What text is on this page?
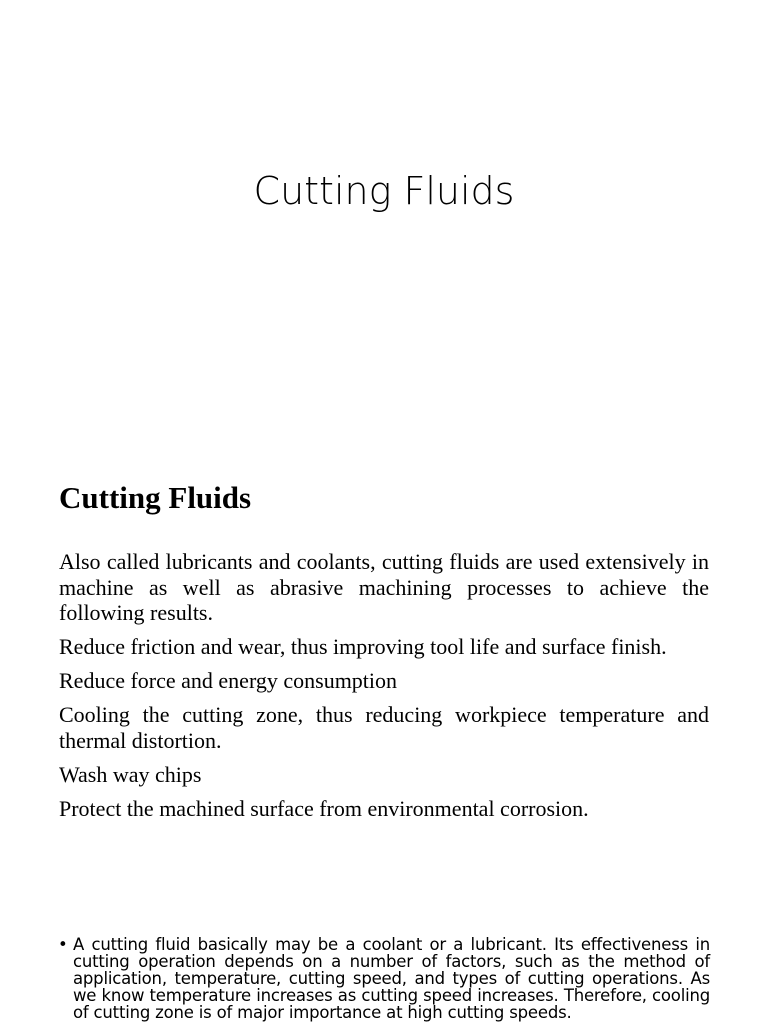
Cutting Fluids
Cutting Fluids

Also called lubricants and coolants, cutting fluids are used extensively in machine as well as abrasive machining processes to achieve the following results.

Reduce friction and wear, thus improving tool life and surface finish.

Reduce force and energy consumption

Cooling the cutting zone, thus reducing workpiece temperature and thermal distortion.

Wash way chips

Protect the machined surface from environmental corrosion.

• A cutting fluid basically may be a coolant or a lubricant. Its effectiveness in cutting operation depends on a number of factors, such as the method of application, temperature, cutting speed, and types of cutting operations. As we know temperature increases as cutting speed increases. Therefore, cooling of cutting zone is of major importance at high cutting speeds.
